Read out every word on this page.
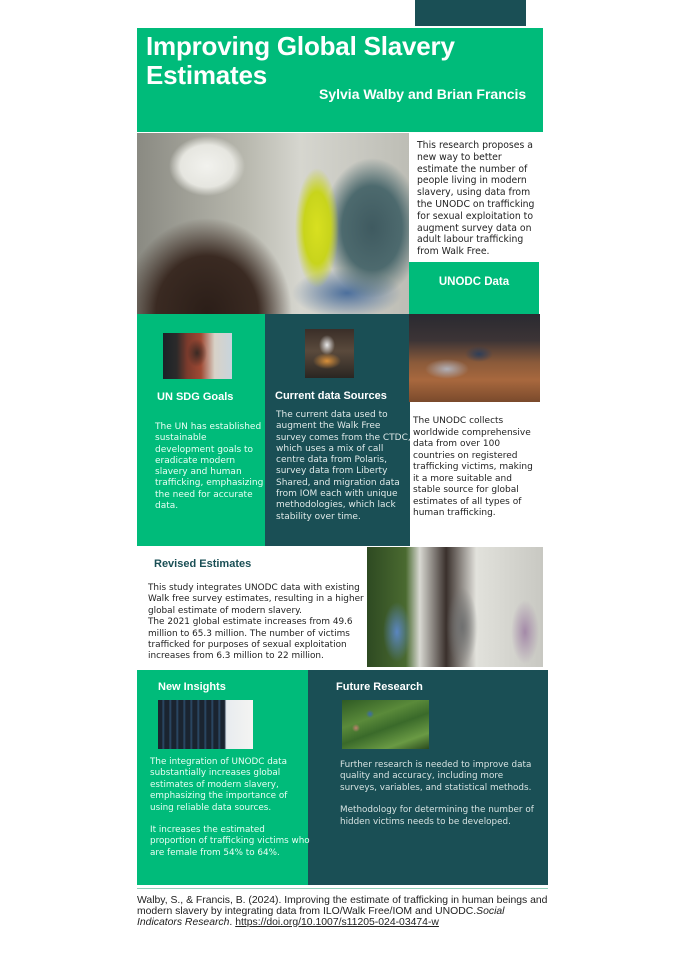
Improving Global Slavery Estimates
Sylvia Walby and Brian Francis

This research proposes a new way to better estimate the number of people living in modern slavery, using data from the UNODC on trafficking for sexual exploitation to augment survey data on adult labour trafficking from Walk Free.

UNODC Data
UN SDG Goals

The UN has established sustainable development goals to eradicate modern slavery and human trafficking, emphasizing the need for accurate data.

Current data Sources

The current data used to augment the Walk Free survey comes from the CTDC, which uses a mix of call centre data from Polaris, survey data from Liberty Shared, and migration data from IOM each with unique methodologies, which lack stability over time.

The UNODC collects worldwide comprehensive data from over 100 countries on registered trafficking victims, making it a more suitable and stable source for global estimates of all types of human trafficking.

Revised Estimates
This study integrates UNODC data with existing Walk free survey estimates, resulting in a higher global estimate of modern slavery.
The 2021 global estimate increases from 49.6 million to 65.3 million. The number of victims trafficked for purposes of sexual exploitation increases from 6.3 million to 22 million.
New Insights

The integration of UNODC data substantially increases global estimates of modern slavery, emphasizing the importance of using reliable data sources.

It increases the estimated proportion of trafficking victims who are female from 54% to 64%.

Future Research

Further research is needed to improve data quality and accuracy, including more surveys, variables, and statistical methods.

Methodology for determining the number of hidden victims needs to be developed.

Walby, S., & Francis, B. (2024). Improving the estimate of trafficking in human beings and modern slavery by integrating data from ILO/Walk Free/IOM and UNODC.Social Indicators Research. https://doi.org/10.1007/s11205-024-03474-w
